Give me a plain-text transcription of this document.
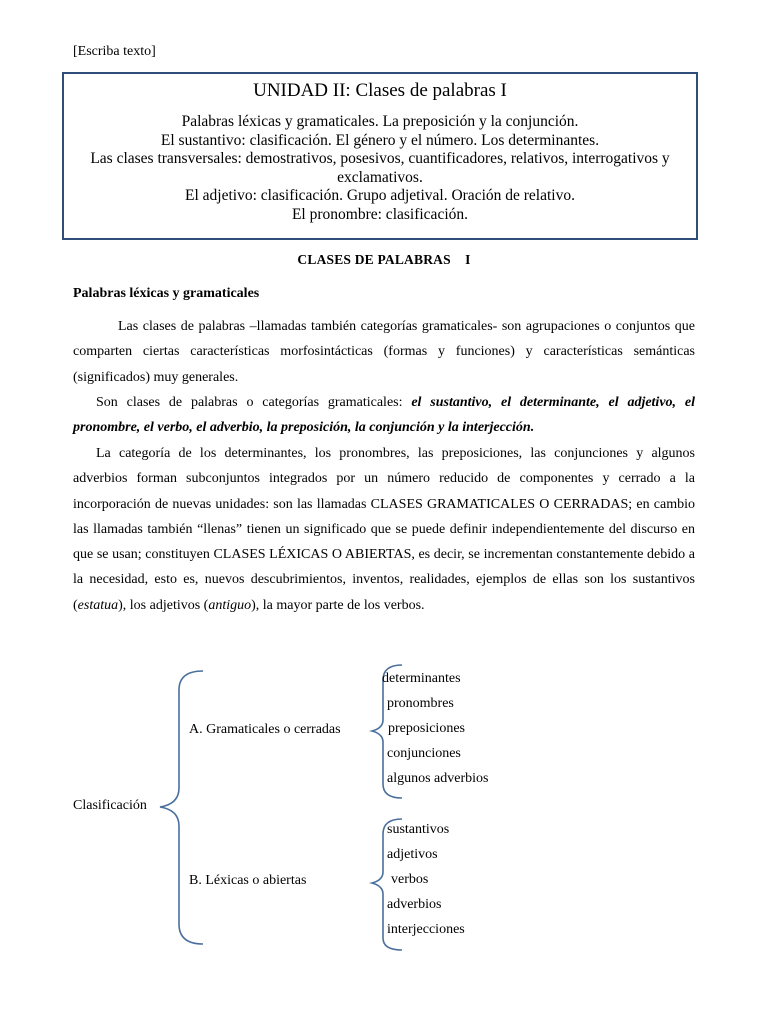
[Escriba texto]
UNIDAD II: Clases de palabras I
Palabras léxicas y gramaticales. La preposición y la conjunción.
El sustantivo: clasificación. El género y el número. Los determinantes.
Las clases transversales: demostrativos, posesivos, cuantificadores, relativos, interrogativos y exclamativos.
El adjetivo: clasificación. Grupo adjetival. Oración de relativo.
El pronombre: clasificación.
CLASES DE PALABRAS    I
Palabras léxicas y gramaticales
Las clases de palabras –llamadas también categorías gramaticales- son agrupaciones o conjuntos que comparten ciertas características morfosintácticas (formas y funciones) y características semánticas (significados) muy generales.
Son clases de palabras o categorías gramaticales: el sustantivo, el determinante, el adjetivo, el pronombre, el verbo, el adverbio, la preposición, la conjunción y la interjección.
La categoría de los determinantes, los pronombres, las preposiciones, las conjunciones y algunos adverbios forman subconjuntos integrados por un número reducido de componentes y cerrado a la incorporación de nuevas unidades: son las llamadas CLASES GRAMATICALES O CERRADAS; en cambio las llamadas también “llenas” tienen un significado que se puede definir independientemente del discurso en que se usan; constituyen CLASES LÉXICAS O ABIERTAS, es decir, se incrementan constantemente debido a la necesidad, esto es, nuevos descubrimientos, inventos, realidades, ejemplos de ellas son los sustantivos (estatua), los adjetivos (antiguo), la mayor parte de los verbos.
Clasificación
A. Gramaticales o cerradas
determinantes
pronombres
preposiciones
conjunciones
algunos adverbios
B. Léxicas o abiertas
sustantivos
adjetivos
verbos
adverbios
interjecciones
